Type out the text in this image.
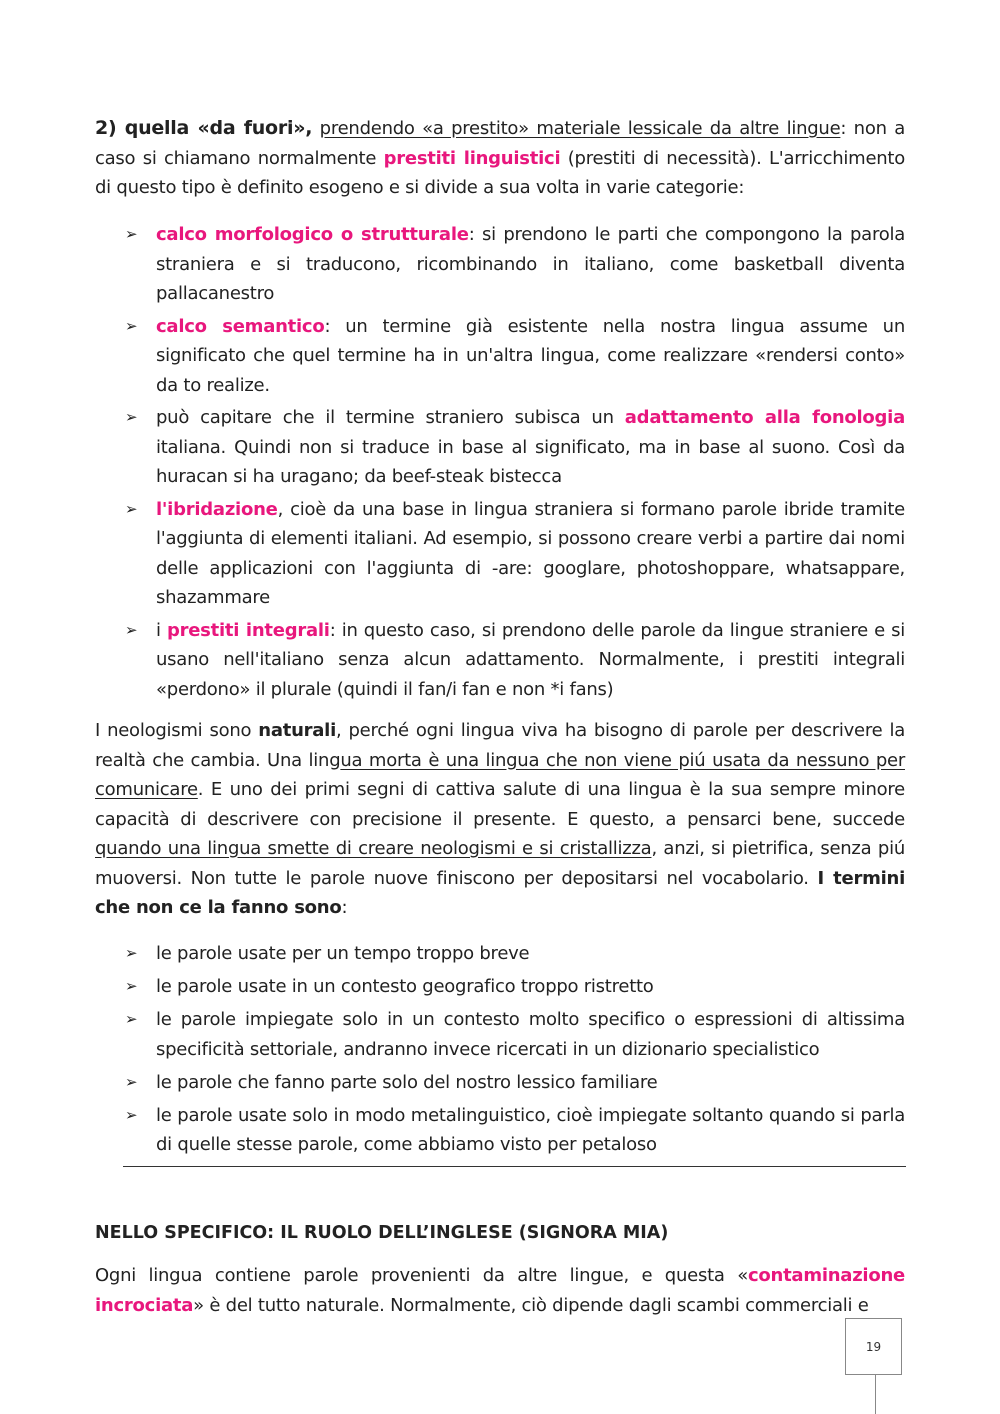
2) quella «da fuori», prendendo «a prestito» materiale lessicale da altre lingue: non a caso si chiamano normalmente prestiti linguistici (prestiti di necessità). L'arricchimento di questo tipo è definito esogeno e si divide a sua volta in varie categorie:

➢ calco morfologico o strutturale: si prendono le parti che compongono la parola straniera e si traducono, ricombinando in italiano, come basketball diventa pallacanestro
➢ calco semantico: un termine già esistente nella nostra lingua assume un significato che quel termine ha in un'altra lingua, come realizzare «rendersi conto» da to realize.
➢ può capitare che il termine straniero subisca un adattamento alla fonologia italiana. Quindi non si traduce in base al significato, ma in base al suono. Così da huracan si ha uragano; da beef-steak bistecca
➢ l'ibridazione, cioè da una base in lingua straniera si formano parole ibride tramite l'aggiunta di elementi italiani. Ad esempio, si possono creare verbi a partire dai nomi delle applicazioni con l'aggiunta di -are: googlare, photoshoppare, whatsappare, shazammare
➢ i prestiti integrali: in questo caso, si prendono delle parole da lingue straniere e si usano nell'italiano senza alcun adattamento. Normalmente, i prestiti integrali «perdono» il plurale (quindi il fan/i fan e non *i fans)

I neologismi sono naturali, perché ogni lingua viva ha bisogno di parole per descrivere la realtà che cambia. Una lingua morta è una lingua che non viene piú usata da nessuno per comunicare. E uno dei primi segni di cattiva salute di una lingua è la sua sempre minore capacità di descrivere con precisione il presente. E questo, a pensarci bene, succede quando una lingua smette di creare neologismi e si cristallizza, anzi, si pietrifica, senza piú muoversi. Non tutte le parole nuove finiscono per depositarsi nel vocabolario. I termini che non ce la fanno sono:

➢ le parole usate per un tempo troppo breve
➢ le parole usate in un contesto geografico troppo ristretto
➢ le parole impiegate solo in un contesto molto specifico o espressioni di altissima specificità settoriale, andranno invece ricercati in un dizionario specialistico
➢ le parole che fanno parte solo del nostro lessico familiare
➢ le parole usate solo in modo metalinguistico, cioè impiegate soltanto quando si parla di quelle stesse parole, come abbiamo visto per petaloso
NELLO SPECIFICO: IL RUOLO DELL’INGLESE (SIGNORA MIA)

Ogni lingua contiene parole provenienti da altre lingue, e questa «contaminazione incrociata» è del tutto naturale. Normalmente, ciò dipende dagli scambi commerciali e

19
